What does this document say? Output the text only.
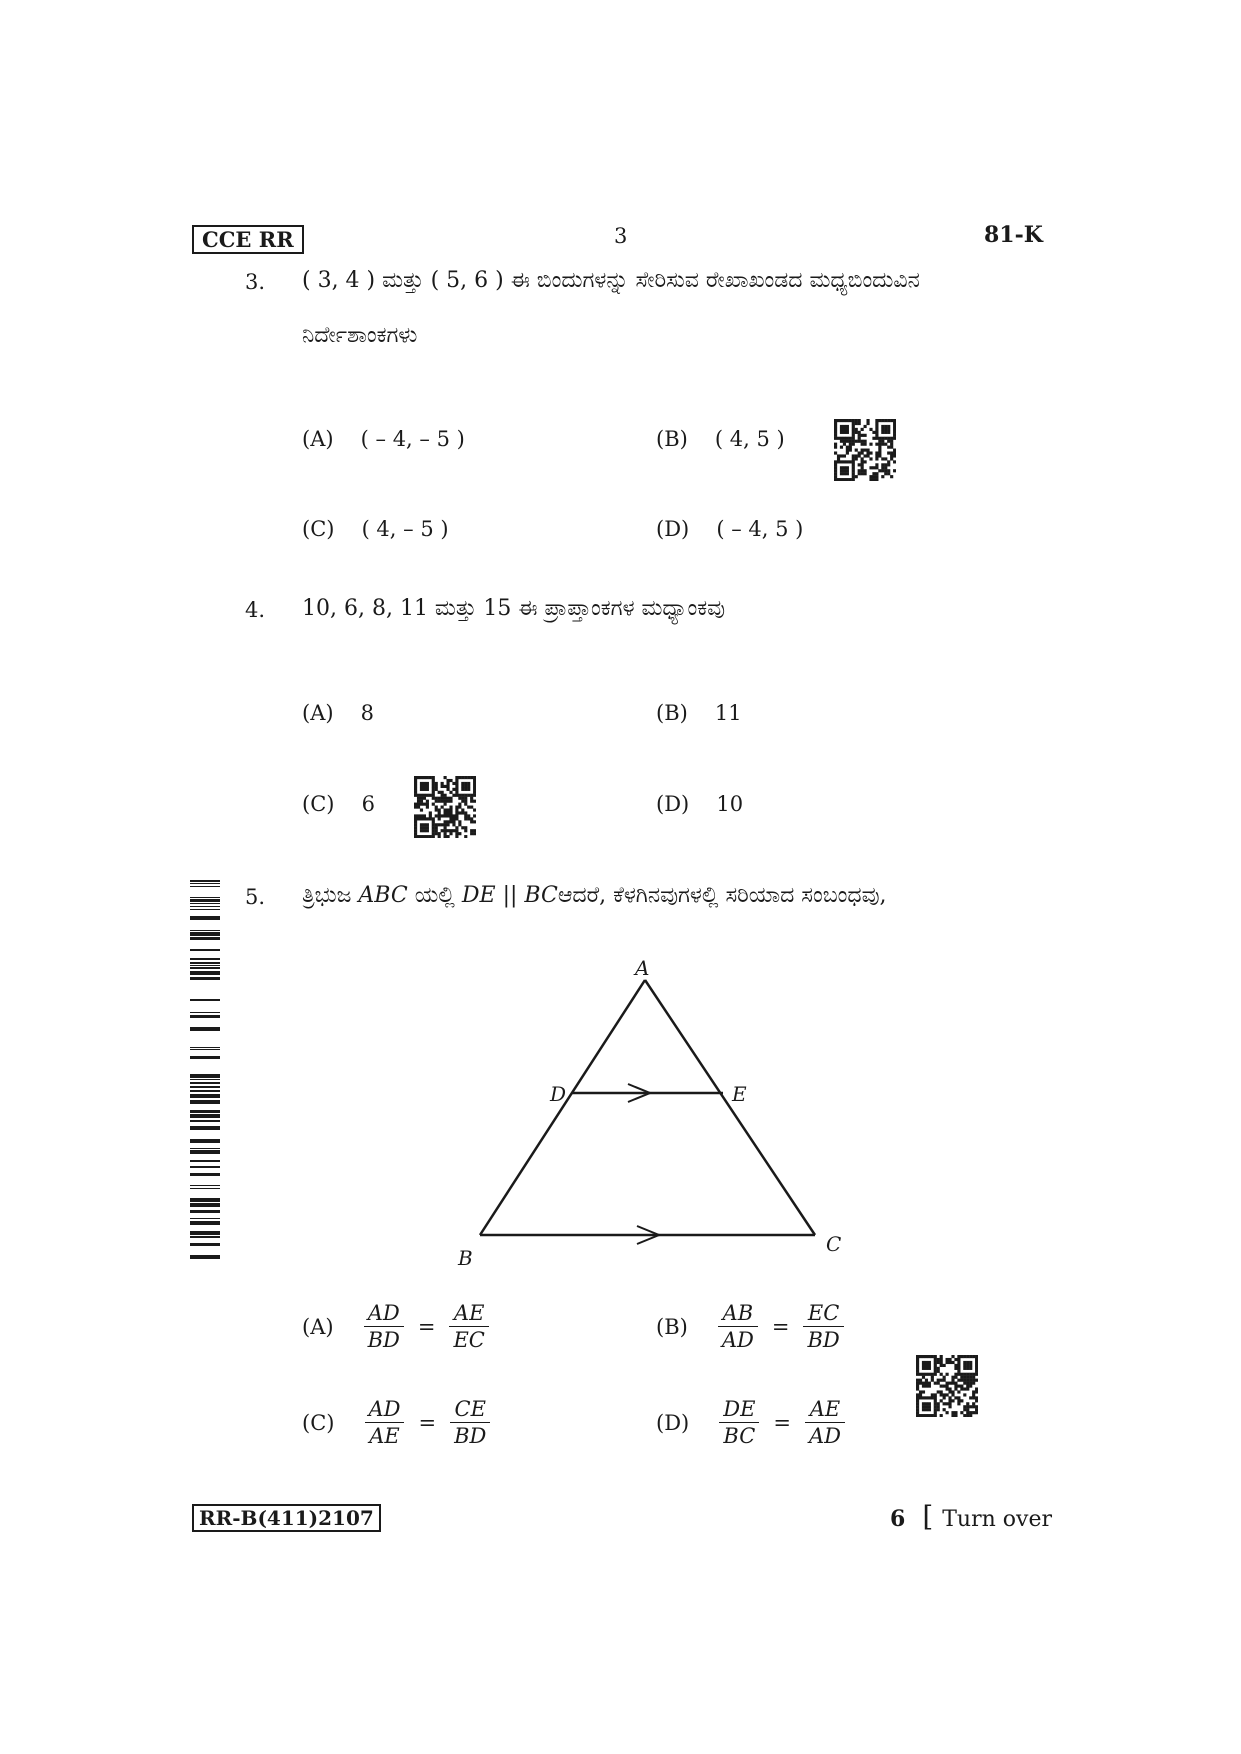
CCE RR	3	81-K
3. ( 3, 4 ) ಮತ್ತು ( 5, 6 ) ಈ ಬಿಂದುಗಳನ್ನು ಸೇರಿಸುವ ರೇಖಾಖಂಡದ ಮಧ್ಯಬಿಂದುವಿನ
ನಿರ್ದೇಶಾಂಕಗಳು
(A) ( – 4, – 5 )	(B) ( 4, 5 )
(C) ( 4, – 5 )	(D) ( – 4, 5 )
4. 10, 6, 8, 11 ಮತ್ತು 15 ಈ ಪ್ರಾಪ್ತಾಂಕಗಳ ಮಧ್ಯಾಂಕವು
(A) 8	(B) 11
(C) 6	(D) 10
5. ತ್ರಿಭುಜ ABC ಯಲ್ಲಿ DE || BCಆದರೆ, ಕೆಳಗಿನವುಗಳಲ್ಲಿ ಸರಿಯಾದ ಸಂಬಂಧವು,
A
D	E
B
C
$(A) \frac{AD}{BD} = \frac{AE}{EC}$	$(B) \frac{AB}{AD} = \frac{EC}{BD}$
$(C) \frac{AD}{AE} = \frac{CE}{BD}$	$(D) \frac{DE}{BC} = \frac{AE}{AD}$
RR-B(411)2107	6 [ Turn over
